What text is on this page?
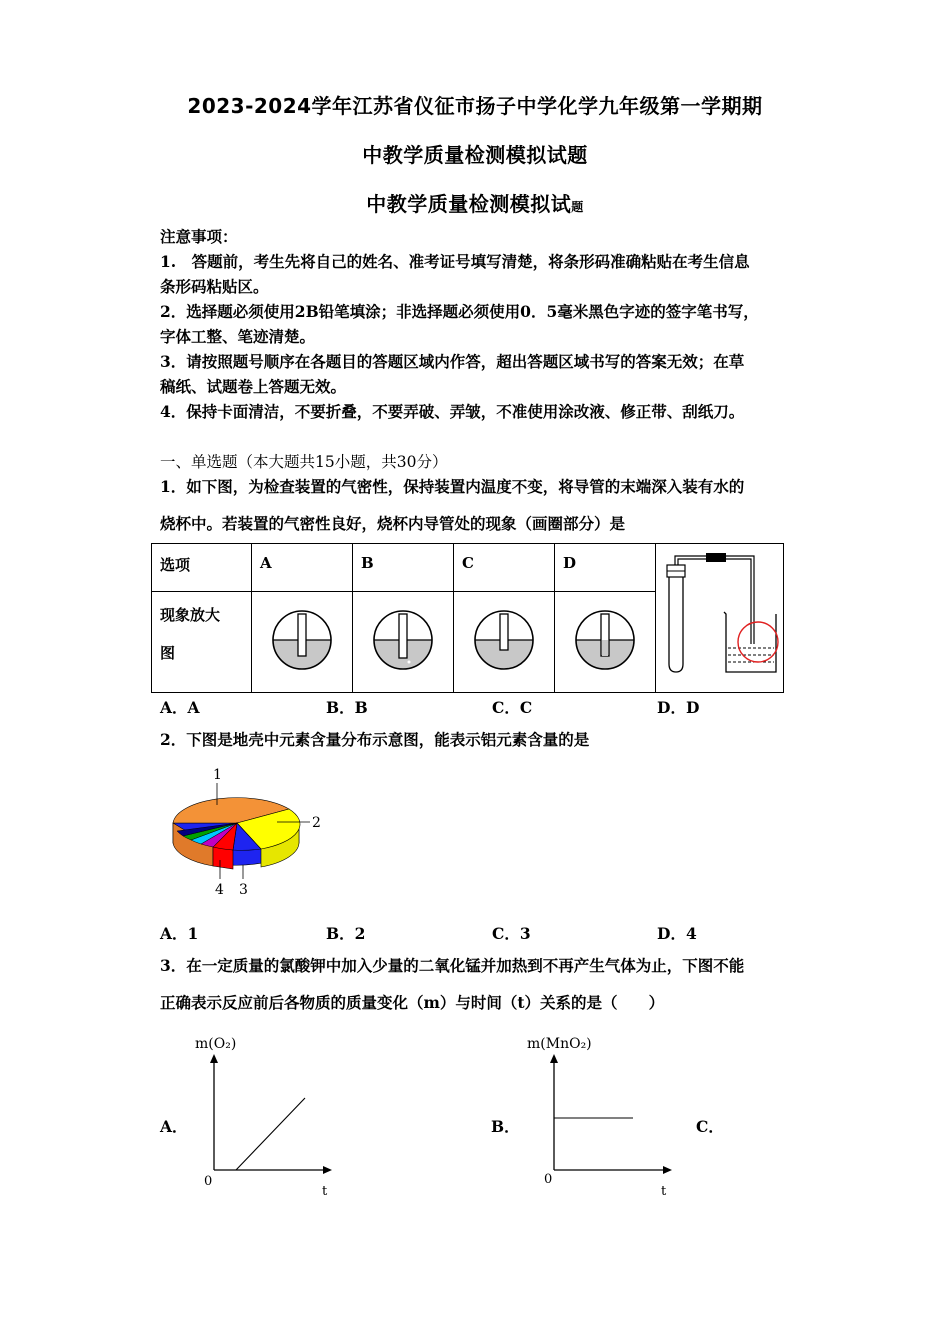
2023-2024学年江苏省仪征市扬子中学化学九年级第一学期期
中教学质量检测模拟试题
中教学质量检测模拟试题
注意事项：
1.　答题前，考生先将自己的姓名、准考证号填写清楚，将条形码准确粘贴在考生信息
条形码粘贴区。
2．选择题必须使用2B铅笔填涂；非选择题必须使用0．5毫米黑色字迹的签字笔书写，
字体工整、笔迹清楚。
3．请按照题号顺序在各题目的答题区域内作答，超出答题区域书写的答案无效；在草
稿纸、试题卷上答题无效。
4．保持卡面清洁，不要折叠，不要弄破、弄皱，不准使用涂改液、修正带、刮纸刀。
一、单选题（本大题共15小题，共30分）
1．如下图，为检查装置的气密性，保持装置内温度不变，将导管的末端深入装有水的
烧杯中。若装置的气密性良好，烧杯内导管处的现象（画圈部分）是
选项	A	B	C	D

现象放大
图

A．A	B．B	C．C	D．D
2．下图是地壳中元素含量分布示意图，能表示铝元素含量的是
1
2
3
4
A．1	B．2	C．3	D．4
3．在一定质量的氯酸钾中加入少量的二氧化锰并加热到不再产生气体为止，下图不能
正确表示反应前后各物质的质量变化（m）与时间（t）关系的是（　　）
A．
m(O₂)
0
t
B．
m(MnO₂)
0
t
C．
